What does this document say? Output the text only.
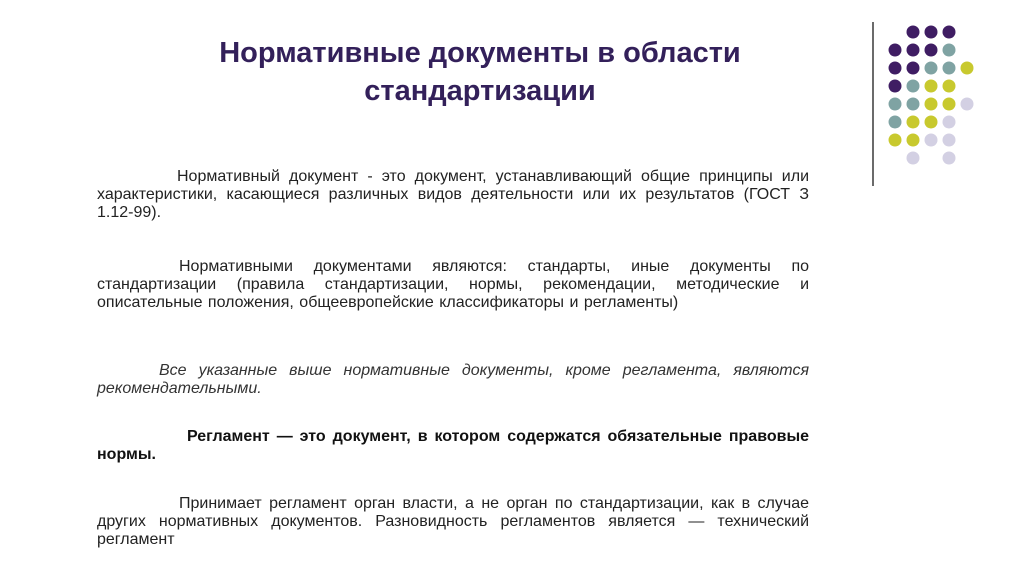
Нормативные документы в области
стандартизации
Нормативный документ - это документ, устанавливающий общие принципы или характеристики, касающиеся различных видов деятельности или их результатов (ГОСТ З 1.12-99).
Нормативными документами являются: стандарты, иные документы по стандартизации (правила стандартизации, нормы, рекомендации, методические и описательные положения, общеевропейские классификаторы и регламенты)
Все указанные выше нормативные документы, кроме регламента, являются рекомендательными.
Регламент — это документ, в котором содержатся обязательные правовые нормы.
Принимает регламент орган власти, а не орган по стандартизации, как в случае других нормативных документов. Разновидность регламентов является — технический регламент
